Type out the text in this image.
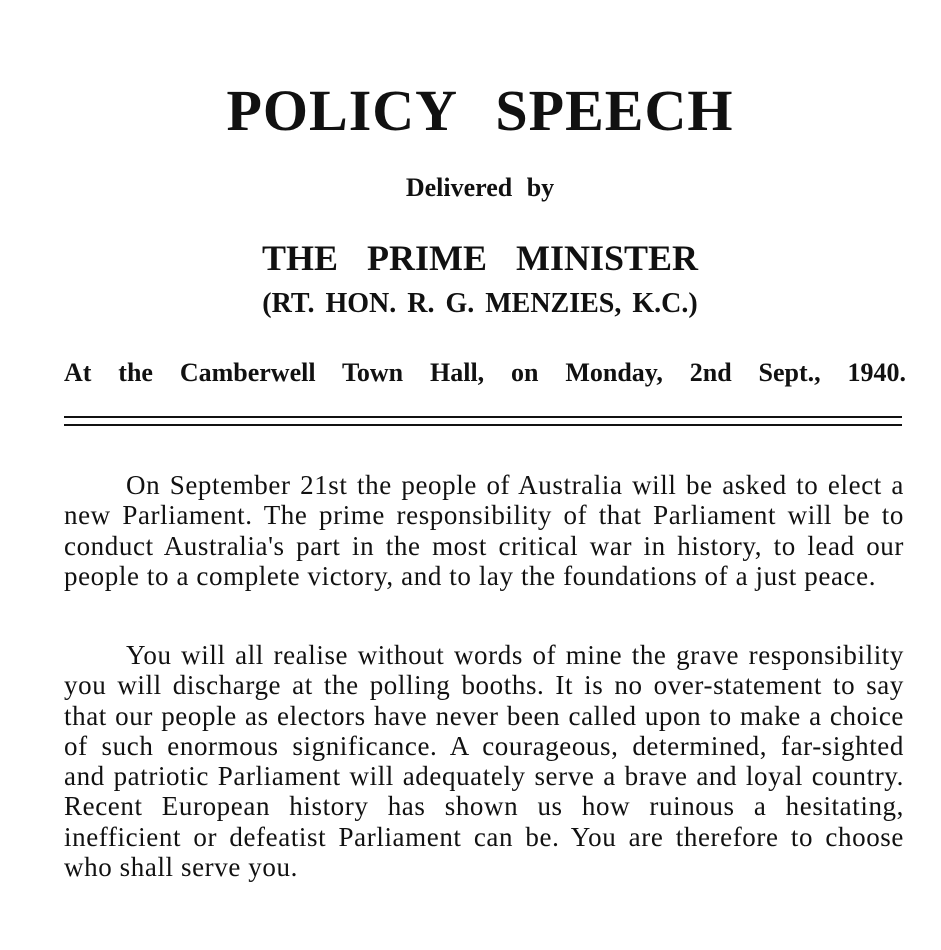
POLICY SPEECH
Delivered by
THE PRIME MINISTER
(RT. HON. R. G. MENZIES, K.C.)
At the Camberwell Town Hall, on Monday, 2nd Sept., 1940.

On September 21st the people of Australia will be asked to elect a new Parliament. The prime responsibility of that Parliament will be to conduct Australia's part in the most critical war in history, to lead our people to a complete victory, and to lay the foundations of a just peace.

You will all realise without words of mine the grave responsibility you will discharge at the polling booths. It is no over-statement to say that our people as electors have never been called upon to make a choice of such enormous significance. A courageous, determined, far-sighted and patriotic Parliament will adequately serve a brave and loyal country. Recent European history has shown us how ruinous a hesitating, inefficient or defeatist Parliament can be. You are therefore to choose who shall serve you.
